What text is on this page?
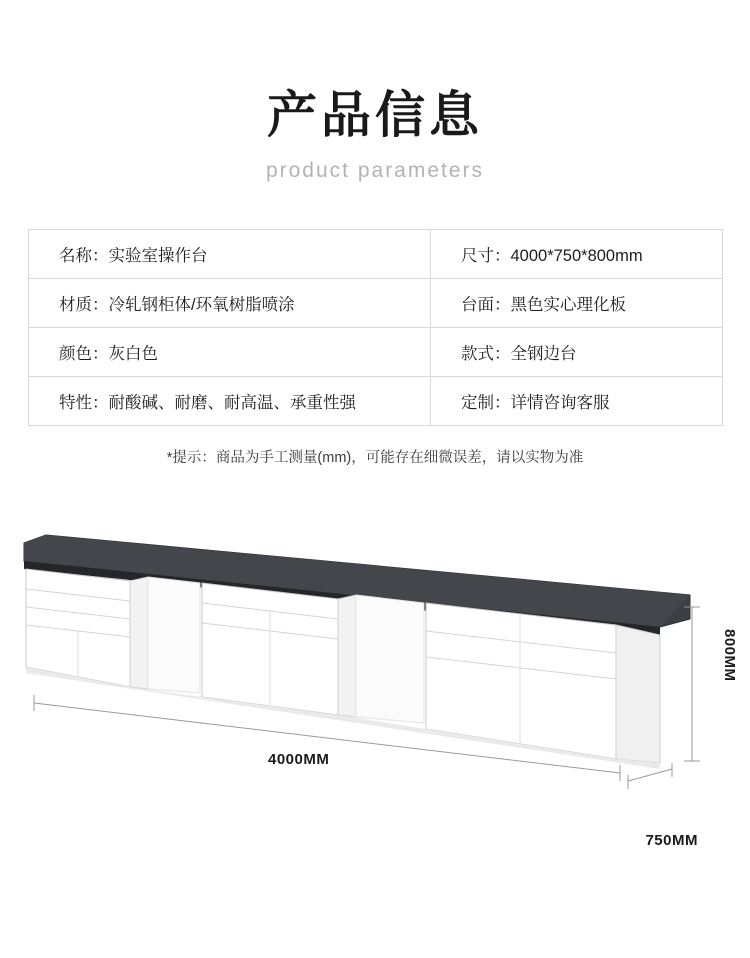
产品信息
product parameters
名称：实验室操作台	尺寸：4000*750*800mm
材质：冷轧钢柜体/环氧树脂喷涂	台面：黑色实心理化板
颜色：灰白色	款式：全钢边台
特性：耐酸碱、耐磨、耐高温、承重性强	定制：详情咨询客服
*提示：商品为手工测量(mm)，可能存在细微误差，请以实物为准
4000MM
800MM
750MM
